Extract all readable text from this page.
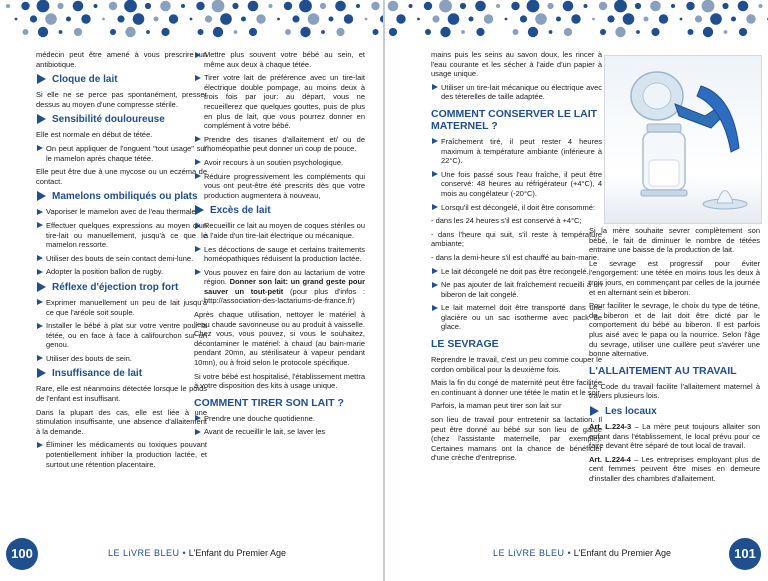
médecin peut être amené à vous prescrire un antibiotique.

Cloque de lait

Si elle ne se perce pas spontanément, presser dessus au moyen d'une compresse stérile.

Sensibilité douloureuse

Elle est normale en début de tétée.

On peut appliquer de l'onguent "tout usage" sur le mamelon après chaque tétée.

Elle peut être due à une mycose ou un eczéma de contact.

Mamelons ombiliqués ou plats

Vaporiser le mamelon avec de l'eau thermale.

Effectuer quelques expressions au moyen d'un tire-lait ou manuellement, jusqu'à ce que le mamelon ressorte.

Utiliser des bouts de sein contact demi-lune.

Adopter la position ballon de rugby.

Réflexe d'éjection trop fort

Exprimer manuellement un peu de lait jusqu'à ce que l'aréole soit souple.

Installer le bébé à plat sur votre ventre pour la tétée, ou en face à face à califourchon sur un genou.

Utiliser des bouts de sein.

Insuffisance de lait

Rare, elle est néanmoins détectée lorsque le poids de l'enfant est insuffisant.

Dans la plupart des cas, elle est liée à une stimulation insuffisante, une absence d'allaitement à la demande.

Éliminer les médicaments ou toxiques pouvant potentiellement inhiber la production lactée, et surtout une rétention placentaire.

Mettre plus souvent votre bébé au sein, et même aux deux à chaque tétée.

Tirer votre lait de préférence avec un tire-lait électrique double pompage, au moins deux à trois fois par jour: au départ, vous ne recueillerez que quelques gouttes, puis de plus en plus de lait, que vous pourrez donner en complément à votre bébé.

Prendre des tisanes d'allaitement et/ ou de l'homéopathie peut donner un coup de pouce.

Avoir recours à un soutien psychologique.

Réduire progressivement les compléments qui vous ont peut-être été prescrits dès que votre production augmentera à nouveau,

Excès de lait

Recueillir ce lait au moyen de coques stériles ou à l'aide d'un tire-lait électrique ou mécanique.

Les décoctions de sauge et certains traitements homéopathiques réduisent la production lactée.

Vous pouvez en faire don au lactarium de votre région. Donner son lait: un grand geste pour sauver un tout-petit (pour plus d'infos : http://association-des-lactariums-de-france.fr)

Après chaque utilisation, nettoyer le matériel à l'eau chaude savonneuse ou au produit à vaisselle. Chez vous, vous pouvez, si vous le souhaitez, décontaminer le matériel: à chaud (au bain-marie pendant 20mn, au stérilisateur à vapeur pendant 10mn), ou à froid selon le protocole spécifique.

Si votre bébé est hospitalisé, l'établissement mettra à votre disposition des kits à usage unique.

COMMENT TIRER SON LAIT ?

Prendre une douche quotidienne.

Avant de recueillir le lait, se laver les

100	LE LiVRE BLEU • L'Enfant du Premier Age

mains puis les seins au savon doux, les rincer à l'eau courante et les sécher à l'aide d'un papier à usage unique.

Utiliser un tire-lait mécanique ou électrique avec des téterelles de taille adaptée.

COMMENT CONSERVER LE LAIT MATERNEL ?

Fraîchement tiré, il peut rester 4 heures maximum à température ambiante (inférieure à 22°C).

Une fois passé sous l'eau fraîche, il peut être conservé: 48 heures au réfrigérateur (+4°C), 4 mois au congélateur (-20°C).

Lorsqu'il est décongelé, il doit être consommé:

- dans les 24 heures s'il est conservé à +4°C;

- dans l'heure qui suit, s'il reste à température ambiante;

- dans la demi-heure s'il est chauffé au bain-marie.

Le lait décongelé ne doit pas être recongelé.

Ne pas ajouter de lait fraîchement recueilli à un biberon de lait congelé.

Le lait maternel doit être transporté dans une glacière ou un sac isotherme avec pack de glace.

LE SEVRAGE

Reprendre le travail, c'est un peu comme couper le cordon ombilical pour la deuxième fois.

Mais la fin du congé de maternité peut être facilitée en continuant à donner une tétée le matin et le soir.

Parfois, la maman peut tirer son lait sur

son lieu de travail pour entretenir sa lactation. Il peut être donné au bébé sur son lieu de garde (chez l'assistante maternelle, par exemple). Certaines mamans ont la chance de bénéficier d'une crèche d'entreprise.

Si la mère souhaite sevrer complètement son bébé, le fait de diminuer le nombre de tétées entraine une baisse de la production de lait.

Le sevrage est progressif pour éviter l'engorgement: une tétée en moins tous les deux à trois jours, en commençant par celles de la journée et en alternant sein et biberon.

Pour faciliter le sevrage, le choix du type de tétine, de biberon et de lait doit être dicté par le comportement du bébé au biberon. Il est parfois plus aisé avec le papa ou la nourrice. Selon l'âge du sevrage, utiliser une cuillère peut s'avérer une bonne alternative.

L'ALLAITEMENT AU TRAVAIL

Le Code du travail facilite l'allaitement maternel à travers plusieurs lois.

Les locaux

Art. L.224-3 – La mère peut toujours allaiter son enfant dans l'établissement, le local prévu pour ce faire devant être séparé de tout local de travail.

Art. L.224-4 – Les entreprises employant plus de cent femmes peuvent être mises en demeure d'installer des chambres d'allaitement.

LE LiVRE BLEU • L'Enfant du Premier Age	101
